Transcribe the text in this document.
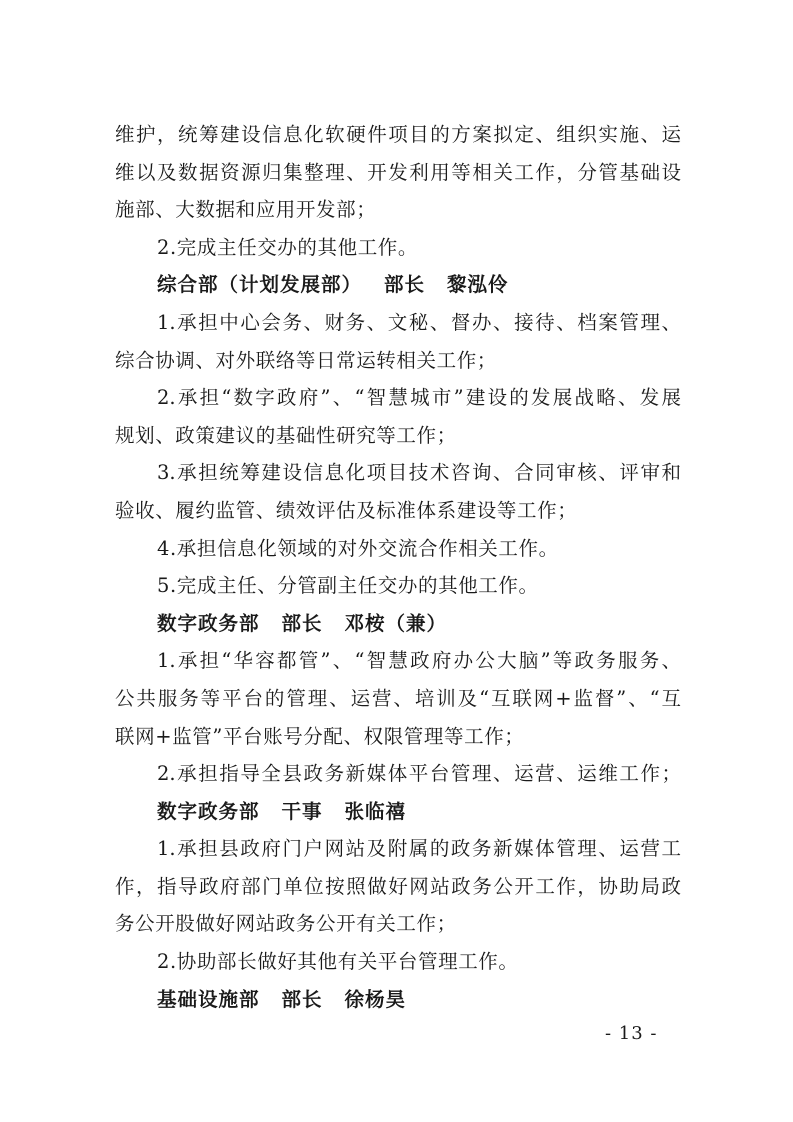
维护，统筹建设信息化软硬件项目的方案拟定、组织实施、运
维以及数据资源归集整理、开发利用等相关工作，分管基础设
施部、大数据和应用开发部；
2.完成主任交办的其他工作。
综合部（计划发展部） 部长 黎泓伶
1.承担中心会务、财务、文秘、督办、接待、档案管理、
综合协调、对外联络等日常运转相关工作；
2.承担“数字政府”、“智慧城市”建设的发展战略、发展
规划、政策建议的基础性研究等工作；
3.承担统筹建设信息化项目技术咨询、合同审核、评审和
验收、履约监管、绩效评估及标准体系建设等工作；
4.承担信息化领域的对外交流合作相关工作。
5.完成主任、分管副主任交办的其他工作。
数字政务部 部长 邓桉（兼）
1.承担“华容都管”、“智慧政府办公大脑”等政务服务、
公共服务等平台的管理、运营、培训及“互联网+监督”、“互
联网+监管”平台账号分配、权限管理等工作；
2.承担指导全县政务新媒体平台管理、运营、运维工作；
数字政务部 干事 张临禧
1.承担县政府门户网站及附属的政务新媒体管理、运营工
作，指导政府部门单位按照做好网站政务公开工作，协助局政
务公开股做好网站政务公开有关工作；
2.协助部长做好其他有关平台管理工作。
基础设施部 部长 徐杨昊
- 13 -
